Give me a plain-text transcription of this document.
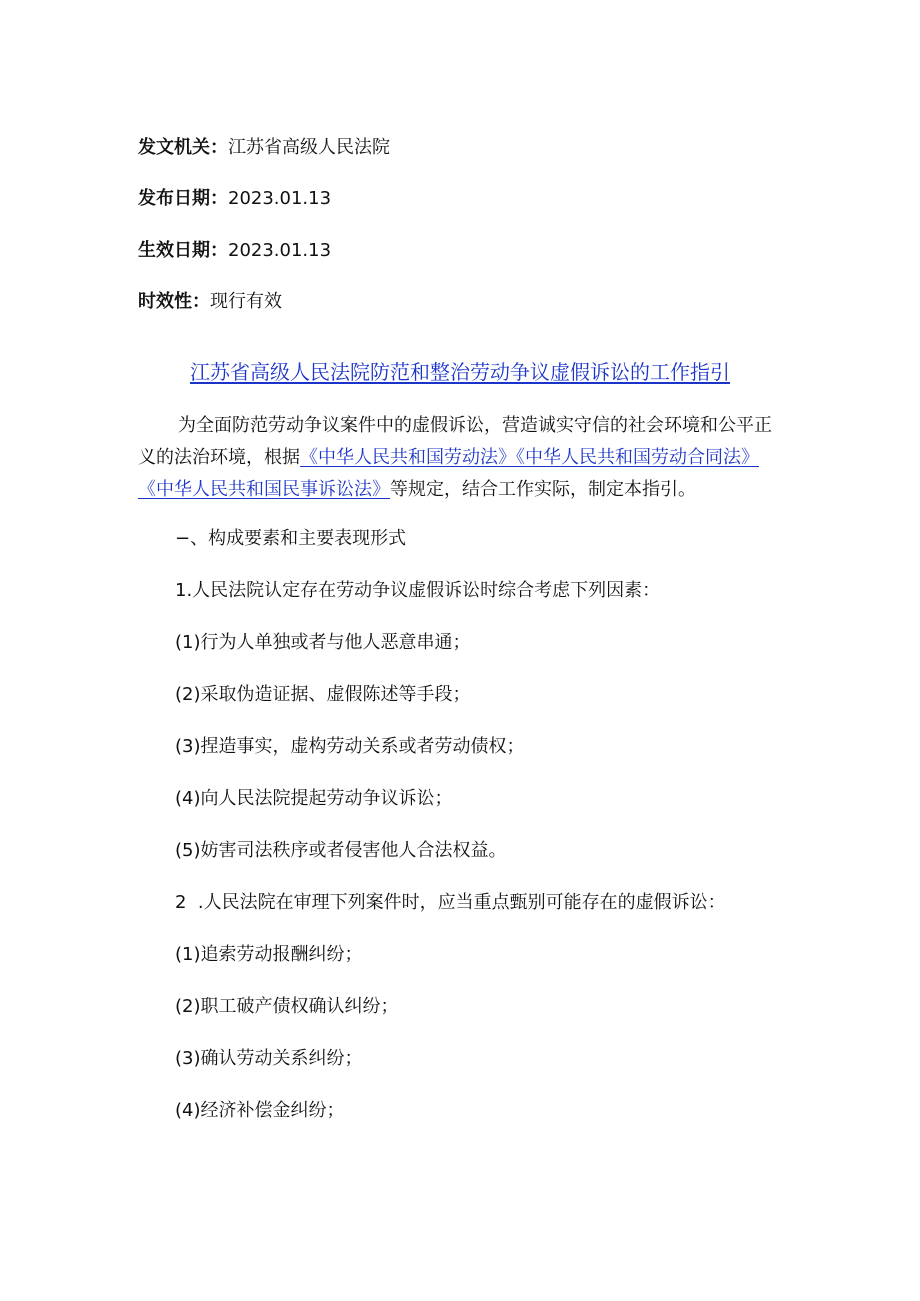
发文机关：江苏省高级人民法院
发布日期：2023.01.13
生效日期：2023.01.13
时效性：现行有效
江苏省高级人民法院防范和整治劳动争议虚假诉讼的工作指引
为全面防范劳动争议案件中的虚假诉讼，营造诚实守信的社会环境和公平正
义的法治环境，根据《中华人民共和国劳动法》《中华人民共和国劳动合同法》
《中华人民共和国民事诉讼法》等规定，结合工作实际，制定本指引。
−、构成要素和主要表现形式
1.人民法院认定存在劳动争议虚假诉讼时综合考虑下列因素：
(1)行为人单独或者与他人恶意串通；
(2)采取伪造证据、虚假陈述等手段；
(3)捏造事实，虚构劳动关系或者劳动债权；
(4)向人民法院提起劳动争议诉讼；
(5)妨害司法秩序或者侵害他人合法权益。
2  .人民法院在审理下列案件时，应当重点甄别可能存在的虚假诉讼：
(1)追索劳动报酬纠纷；
(2)职工破产债权确认纠纷；
(3)确认劳动关系纠纷；
(4)经济补偿金纠纷；
